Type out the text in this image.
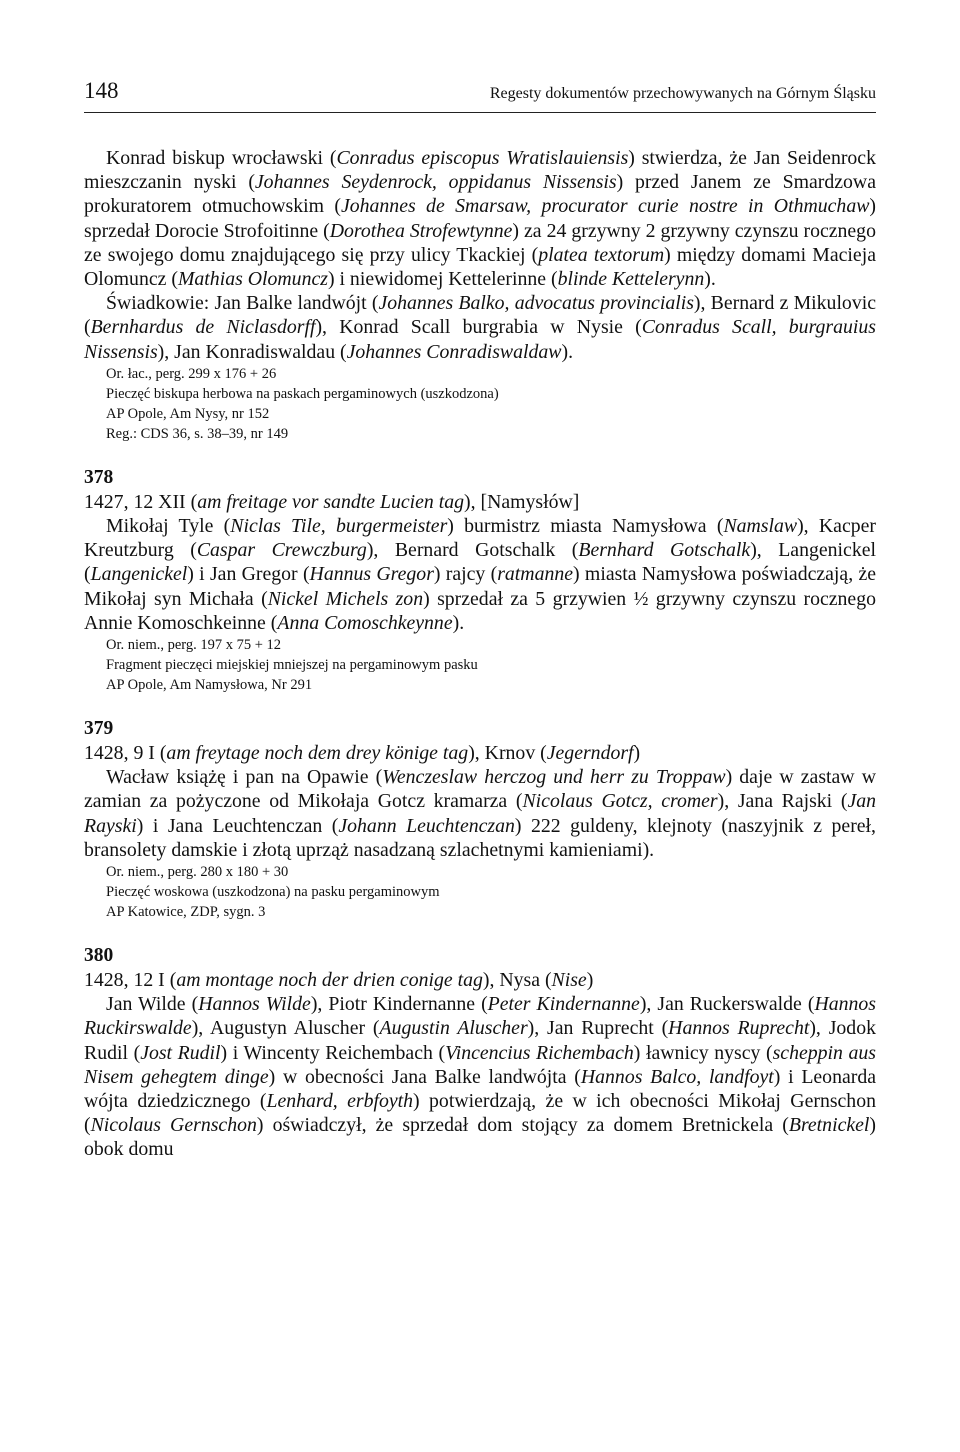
148	Regesty dokumentów przechowywanych na Górnym Śląsku

Konrad biskup wrocławski (Conradus episcopus Wratislauiensis) stwierdza, że Jan Seidenrock mieszczanin nyski (Johannes Seydenrock, oppidanus Nissensis) przed Janem ze Smardzowa prokuratorem otmuchowskim (Johannes de Smarsaw, procurator curie nostre in Othmuchaw) sprzedał Dorocie Strofoitinne (Dorothea Strofewtynne) za 24 grzywny 2 grzywny czynszu rocznego ze swojego domu znajdującego się przy ulicy Tkackiej (platea textorum) między domami Macieja Olomuncz (Mathias Olomuncz) i niewidomej Kettelerinne (blinde Kettelerynn).

Świadkowie: Jan Balke landwójt (Johannes Balko, advocatus provincialis), Bernard z Mikulovic (Bernhardus de Niclasdorff), Konrad Scall burgrabia w Nysie (Conradus Scall, burgrauius Nissensis), Jan Konradiswaldau (Johannes Conradiswaldaw).

Or. łac., perg. 299 x 176 + 26
Pieczęć biskupa herbowa na paskach pergaminowych (uszkodzona)
AP Opole, Am Nysy, nr 152
Reg.: CDS 36, s. 38–39, nr 149
378
1427, 12 XII (am freitage vor sandte Lucien tag), [Namysłów]

Mikołaj Tyle (Niclas Tile, burgermeister) burmistrz miasta Namysłowa (Namslaw), Kacper Kreutzburg (Caspar Crewczburg), Bernard Gotschalk (Bernhard Gotschalk), Langenickel (Langenickel) i Jan Gregor (Hannus Gregor) rajcy (ratmanne) miasta Namysłowa poświadczają, że Mikołaj syn Michała (Nickel Michels zon) sprzedał za 5 grzywien ½ grzywny czynszu rocznego Annie Komoschkeinne (Anna Comoschkeynne).

Or. niem., perg. 197 x 75 + 12
Fragment pieczęci miejskiej mniejszej na pergaminowym pasku
AP Opole, Am Namysłowa, Nr 291
379
1428, 9 I (am freytage noch dem drey könige tag), Krnov (Jegerndorf)

Wacław książę i pan na Opawie (Wenczeslaw herczog und herr zu Troppaw) daje w zastaw w zamian za pożyczone od Mikołaja Gotcz kramarza (Nicolaus Gotcz, cromer), Jana Rajski (Jan Rayski) i Jana Leuchtenczan (Johann Leuchtenczan) 222 guldeny, klejnoty (naszyjnik z pereł, bransolety damskie i złotą uprząż nasadzaną szlachetnymi kamieniami).

Or. niem., perg. 280 x 180 + 30
Pieczęć woskowa (uszkodzona) na pasku pergaminowym
AP Katowice, ZDP, sygn. 3
380
1428, 12 I (am montage noch der drien conige tag), Nysa (Nise)

Jan Wilde (Hannos Wilde), Piotr Kindernanne (Peter Kindernanne), Jan Ruckerswalde (Hannos Ruckirswalde), Augustyn Aluscher (Augustin Aluscher), Jan Ruprecht (Hannos Ruprecht), Jodok Rudil (Jost Rudil) i Wincenty Reichembach (Vincencius Richembach) ławnicy nyscy (scheppin aus Nisem gehegtem dinge) w obecności Jana Balke landwójta (Hannos Balco, landfoyt) i Leonarda wójta dziedzicznego (Lenhard, erbfoyth) potwierdzają, że w ich obecności Mikołaj Gernschon (Nicolaus Gernschon) oświadczył, że sprzedał dom stojący za domem Bretnickela (Bretnickel) obok domu
